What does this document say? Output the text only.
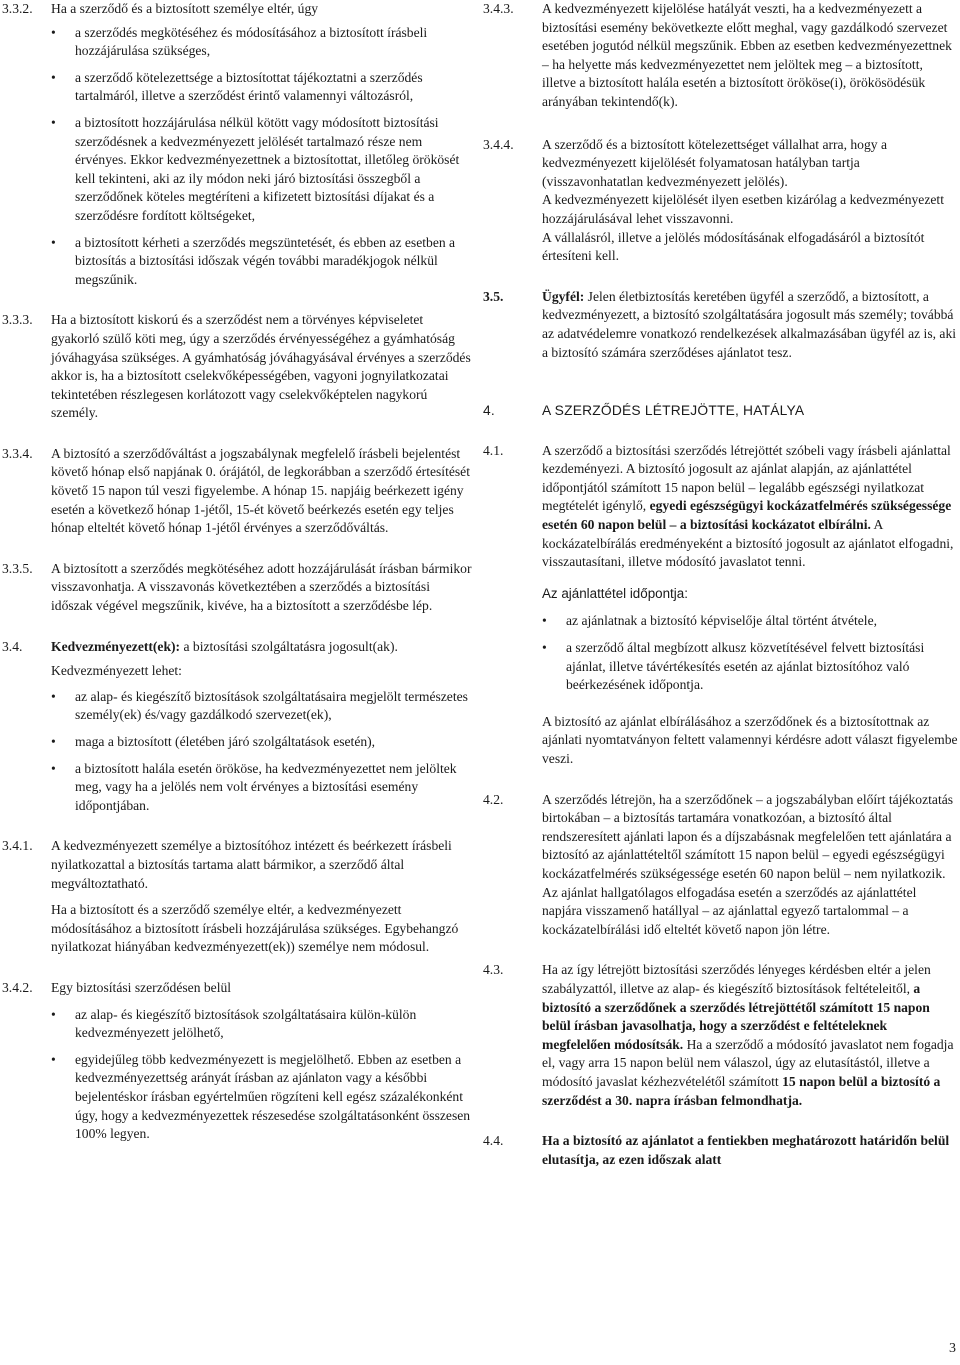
3.3.2. Ha a szerződő és a biztosított személye eltér, úgy

• a szerződés megkötéséhez és módosításához a biztosított írásbeli hozzájárulása szükséges,
• a szerződő kötelezettsége a biztosítottat tájékoztatni a szerződés tartalmáról, illetve a szerződést érintő valamennyi változásról,
• a biztosított hozzájárulása nélkül kötött vagy módosított biztosítási szerződésnek a kedvezményezett jelölését tartalmazó része nem érvényes. Ekkor kedvezményezettnek a biztosítottat, illetőleg örökösét kell tekinteni, aki az ily módon neki járó biztosítási összegből a szerződőnek köteles megtéríteni a kifizetett biztosítási díjakat és a szerződésre fordított költségeket,
• a biztosított kérheti a szerződés megszüntetését, és ebben az esetben a biztosítás a biztosítási időszak végén további maradékjogok nélkül megszűnik.
3.3.3. Ha a biztosított kiskorú és a szerződést nem a törvényes képviseletet gyakorló szülő köti meg, úgy a szerződés érvényességéhez a gyámhatóság jóváhagyása szükséges. A gyámhatóság jóváhagyásával érvényes a szerződés akkor is, ha a biztosított cselekvőképességében, vagyoni jognyilatkozatai tekintetében részlegesen korlátozott vagy cselekvőképtelen nagykorú személy.

3.3.4. A biztosító a szerződőváltást a jogszabálynak megfelelő írásbeli bejelentést követő hónap első napjának 0. órájától, de legkorábban a szerződő értesítését követő 15 napon túl veszi figyelembe. A hónap 15. napjáig beérkezett igény esetén a következő hónap 1-jétől, 15-ét követő beérkezés esetén egy teljes hónap elteltét követő hónap 1-jétől érvényes a szerződőváltás.

3.3.5. A biztosított a szerződés megkötéséhez adott hozzájárulását írásban bármikor visszavonhatja. A visszavonás következtében a szerződés a biztosítási időszak végével megszűnik, kivéve, ha a biztosított a szerződésbe lép.

3.4. Kedvezményezett(ek): a biztosítási szolgáltatásra jogosult(ak).

Kedvezményezett lehet:

• az alap- és kiegészítő biztosítások szolgáltatásaira megjelölt természetes személy(ek) és/vagy gazdálkodó szervezet(ek),
• maga a biztosított (életében járó szolgáltatások esetén),
• a biztosított halála esetén örököse, ha kedvezményezettet nem jelöltek meg, vagy ha a jelölés nem volt érvényes a biztosítási esemény időpontjában.
3.4.1. A kedvezményezett személye a biztosítóhoz intézett és beérkezett írásbeli nyilatkozattal a biztosítás tartama alatt bármikor, a szerződő által megváltoztatható.

Ha a biztosított és a szerződő személye eltér, a kedvezményezett módosításához a biztosított írásbeli hozzájárulása szükséges. Egybehangzó nyilatkozat hiányában kedvezményezett(ek)) személye nem módosul.

3.4.2. Egy biztosítási szerződésen belül

• az alap- és kiegészítő biztosítások szolgáltatásaira külön-külön kedvezményezett jelölhető,
• egyidejűleg több kedvezményezett is megjelölhető. Ebben az esetben a kedvezményezettség arányát írásban az ajánlaton vagy a későbbi bejelentéskor írásban egyértelműen rögzíteni kell egész százalékonként úgy, hogy a kedvezményezettek részesedése szolgáltatásonként összesen 100% legyen.
3.4.3. A kedvezményezett kijelölése hatályát veszti, ha a kedvezményezett a biztosítási esemény bekövetkezte előtt meghal, vagy gazdálkodó szervezet esetében jogutód nélkül megszűnik. Ebben az esetben kedvezményezettnek

– ha helyette más kedvezményezettet nem jelöltek meg – a biztosított, illetve a biztosított halála esetén a biztosított örököse(i), örökösödésük arányában tekintendő(k).

3.4.4. A szerződő és a biztosított kötelezettséget vállalhat arra, hogy a kedvezményezett kijelölését folyamatosan hatályban tartja (visszavonhatatlan kedvezményezett jelölés).

A kedvezményezett kijelölését ilyen esetben kizárólag a kedvezményezett hozzájárulásával lehet visszavonni.

A vállalásról, illetve a jelölés módosításának elfogadásáról a biztosítót értesíteni kell.

3.5.	Ügyfél: Jelen életbiztosítás keretében ügyfél a szerződő, a biztosított, a kedvezményezett, a biztosító szolgáltatására jogosult más személy; továbbá az adatvédelemre vonatkozó rendelkezések alkalmazásában ügyfél az is, aki a biztosító számára szerződéses ajánlatot tesz.

4.	A SZERZŐDÉS LÉTREJÖTTE, HATÁLYA

4.1.	A szerződő a biztosítási szerződés létrejöttét szóbeli vagy írásbeli ajánlattal kezdeményezi. A biztosító jogosult az ajánlat alapján, az ajánlattétel időpontjától számított 15 napon belül – legalább egészségi nyilatkozat megtételét igénylő, egyedi egészségügyi kockázatfelmérés szükségessége esetén 60 napon belül – a biztosítási kockázatot elbírálni. A kockázatelbírálás eredményeként a biztosító jogosult az ajánlatot elfogadni, visszautasítani, illetve módosító javaslatot tenni.

Az ajánlattétel időpontja:

• az ajánlatnak a biztosító képviselője által történt átvétele,
• a szerződő által megbízott alkusz közvetítésével felvett biztosítási ajánlat, illetve távértékesítés esetén az ajánlat biztosítóhoz való beérkezésének időpontja.

A biztosító az ajánlat elbírálásához a szerződőnek és a biztosítottnak az ajánlati nyomtatványon feltett valamennyi kérdésre adott választ figyelembe veszi.

4.2.	A szerződés létrejön, ha a szerződőnek – a jogszabályban előírt tájékoztatás birtokában – a biztosítás tartamára vonatkozóan, a biztosító által rendszeresített ajánlati lapon és a díjszabásnak megfelelően tett ajánlatára a biztosító az ajánlattételtől számított 15 napon belül – egyedi egészségügyi kockázatfelmérés szükségessége esetén 60 napon belül – nem nyilatkozik. Az ajánlat hallgatólagos elfogadása esetén a szerződés az ajánlattétel napjára visszamenő hatállyal – az ajánlattal egyező tartalommal – a kockázatelbírálási idő elteltét követő napon jön létre.

4.3.	Ha az így létrejött biztosítási szerződés lényeges kérdésben eltér a jelen szabályzattól, illetve az alap- és kiegészítő biztosítások feltételeitől, a biztosító a szerződőnek a szerződés létrejöttétől számított 15 napon belül írásban javasolhatja, hogy a szerződést e feltételeknek megfelelően módosítsák. Ha a szerződő a módosító javaslatot nem fogadja el, vagy arra 15 napon belül nem válaszol, úgy az elutasítástól, illetve a módosító javaslat kézhezvételétől számított 15 napon belül a biztosító a szerződést a 30. napra írásban felmondhatja.

4.4.	Ha a biztosító az ajánlatot a fentiekben meghatározott határidőn belül elutasítja, az ezen időszak alatt

3
